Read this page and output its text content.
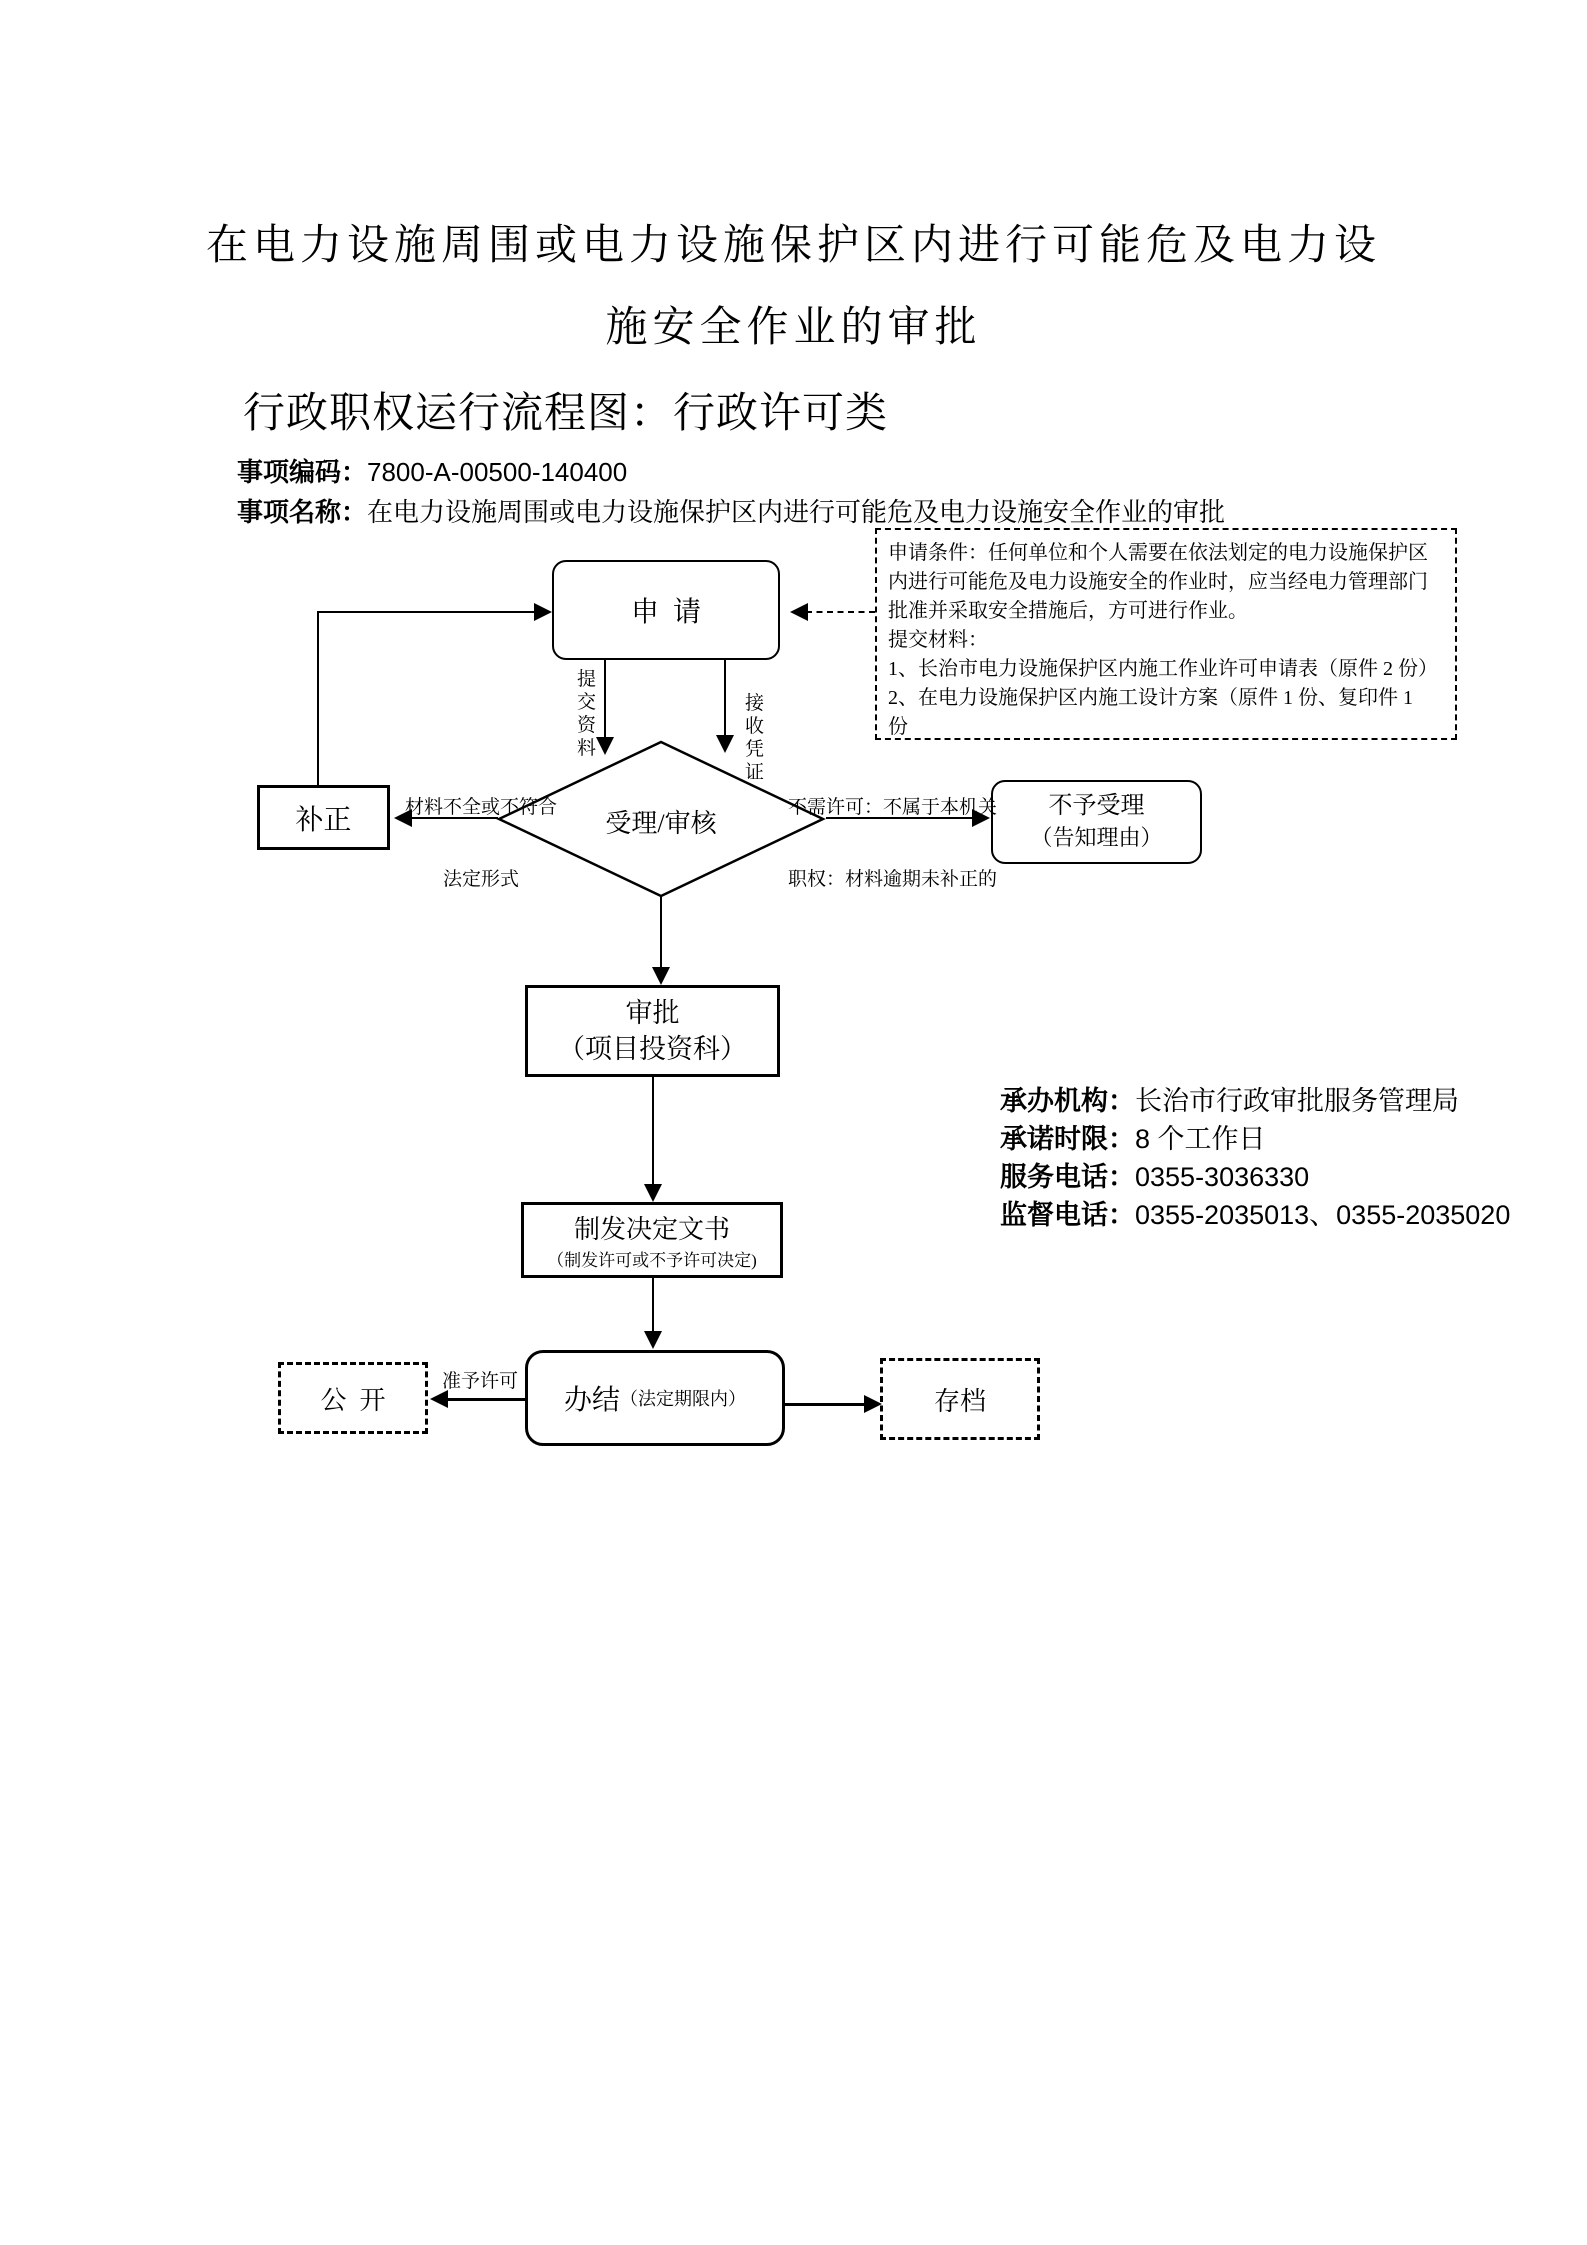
在电力设施周围或电力设施保护区内进行可能危及电力设
施安全作业的审批
行政职权运行流程图：行政许可类
事项编码：7800-A-00500-140400
事项名称：在电力设施周围或电力设施保护区内进行可能危及电力设施安全作业的审批
申请条件：任何单位和个人需要在依法划定的电力设施保护区
内进行可能危及电力设施安全的作业时，应当经电力管理部门
批准并采取安全措施后，方可进行作业。
提交材料：
1、长治市电力设施保护区内施工作业许可申请表（原件 2 份）
2、在电力设施保护区内施工设计方案（原件 1 份、复印件 1
份
申  请
补正	受理/审核
不予受理
（告知理由）
审批
（项目投资科）
制发决定文书
（制发许可或不予许可决定)
办结 （法定期限内）
公  开	存档
提交资料
接收凭证

材料不全或不符合

法定形式

不需许可：不属于本机关

职权：材料逾期未补正的

准予许可
承办机构：长治市行政审批服务管理局
承诺时限：8 个工作日
服务电话：0355-3036330
监督电话：0355-2035013、0355-2035020
